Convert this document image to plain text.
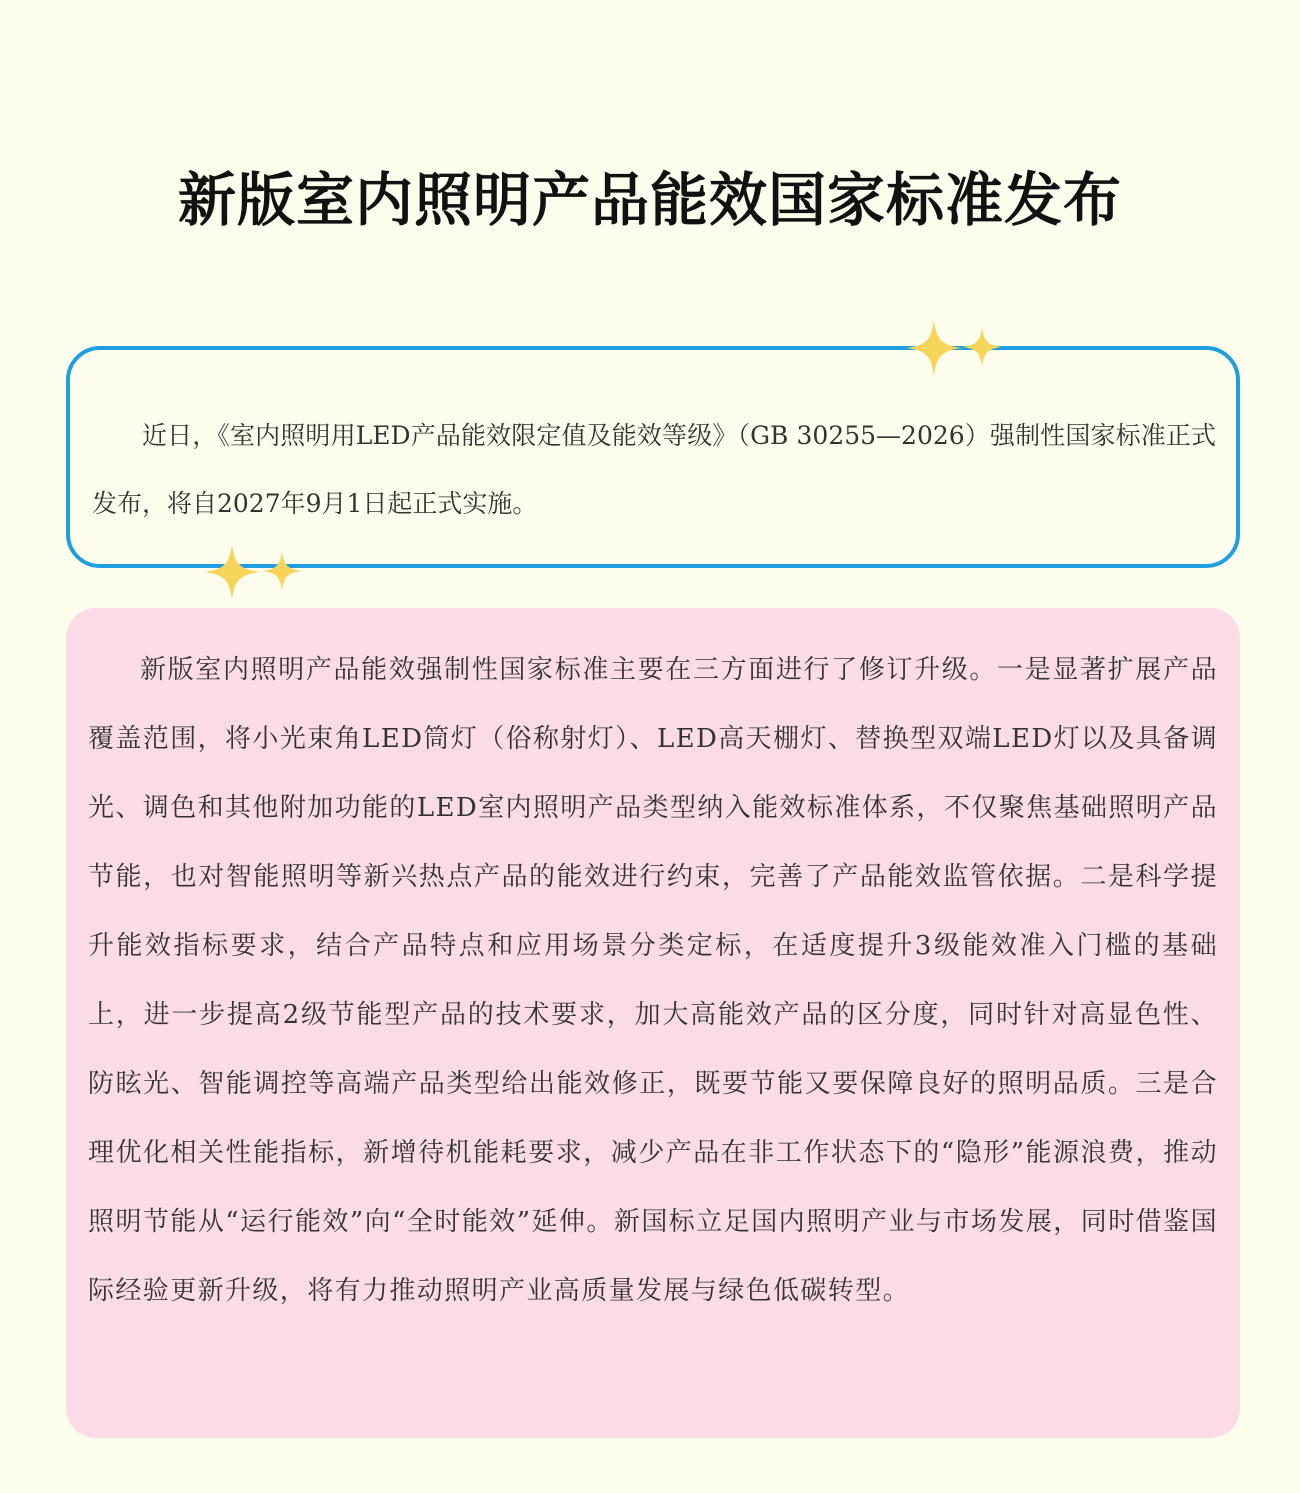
新版室内照明产品能效国家标准发布

近日，《室内照明用LED产品能效限定值及能效等级》（GB 30255—2026）强制性国家标准正式发布，将自2027年9月1日起正式实施。

新版室内照明产品能效强制性国家标准主要在三方面进行了修订升级。一是显著扩展产品覆盖范围，将小光束角LED筒灯（俗称射灯）、LED高天棚灯、替换型双端LED灯以及具备调光、调色和其他附加功能的LED室内照明产品类型纳入能效标准体系，不仅聚焦基础照明产品节能，也对智能照明等新兴热点产品的能效进行约束，完善了产品能效监管依据。二是科学提升能效指标要求，结合产品特点和应用场景分类定标，在适度提升3级能效准入门槛的基础上，进一步提高2级节能型产品的技术要求，加大高能效产品的区分度，同时针对高显色性、防眩光、智能调控等高端产品类型给出能效修正，既要节能又要保障良好的照明品质。三是合理优化相关性能指标，新增待机能耗要求，减少产品在非工作状态下的“隐形”能源浪费，推动照明节能从“运行能效”向“全时能效”延伸。新国标立足国内照明产业与市场发展，同时借鉴国际经验更新升级，将有力推动照明产业高质量发展与绿色低碳转型。
